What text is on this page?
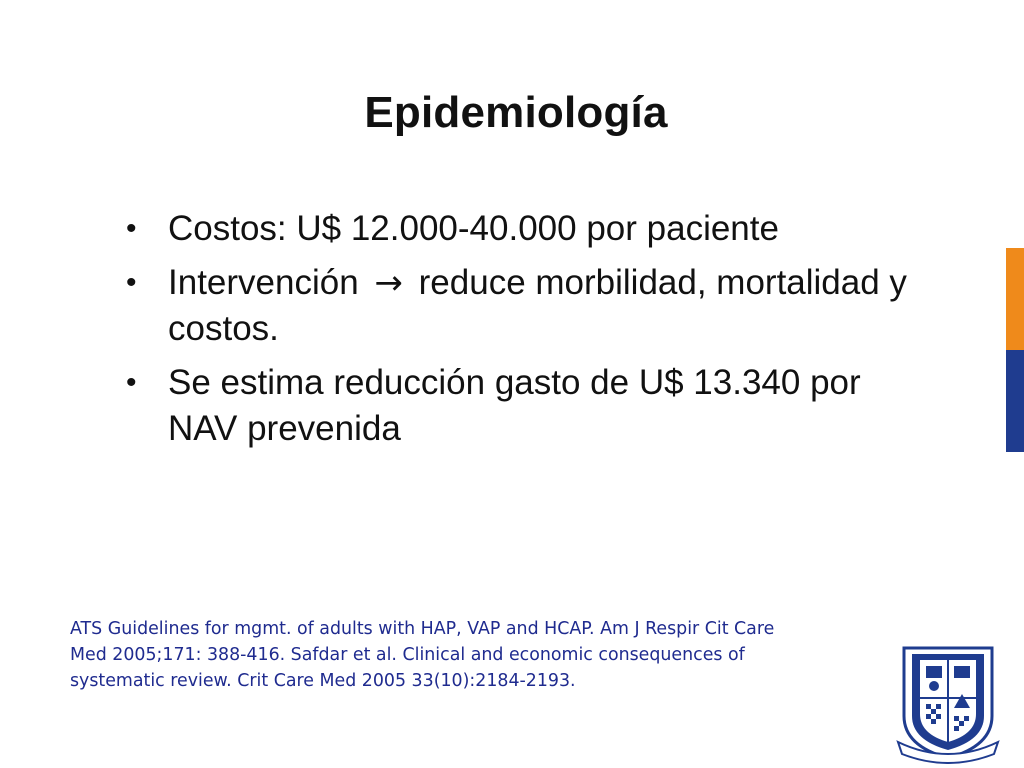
Epidemiología
• Costos: U$ 12.000-40.000 por paciente
• Intervención → reduce morbilidad, mortalidad y costos.
• Se estima reducción gasto de U$ 13.340 por NAV prevenida

ATS Guidelines for mgmt. of adults with HAP, VAP and HCAP. Am J Respir Cit Care
Med 2005;171: 388-416. Safdar et al. Clinical and economic consequences of
systematic review. Crit Care Med 2005 33(10):2184-2193.
